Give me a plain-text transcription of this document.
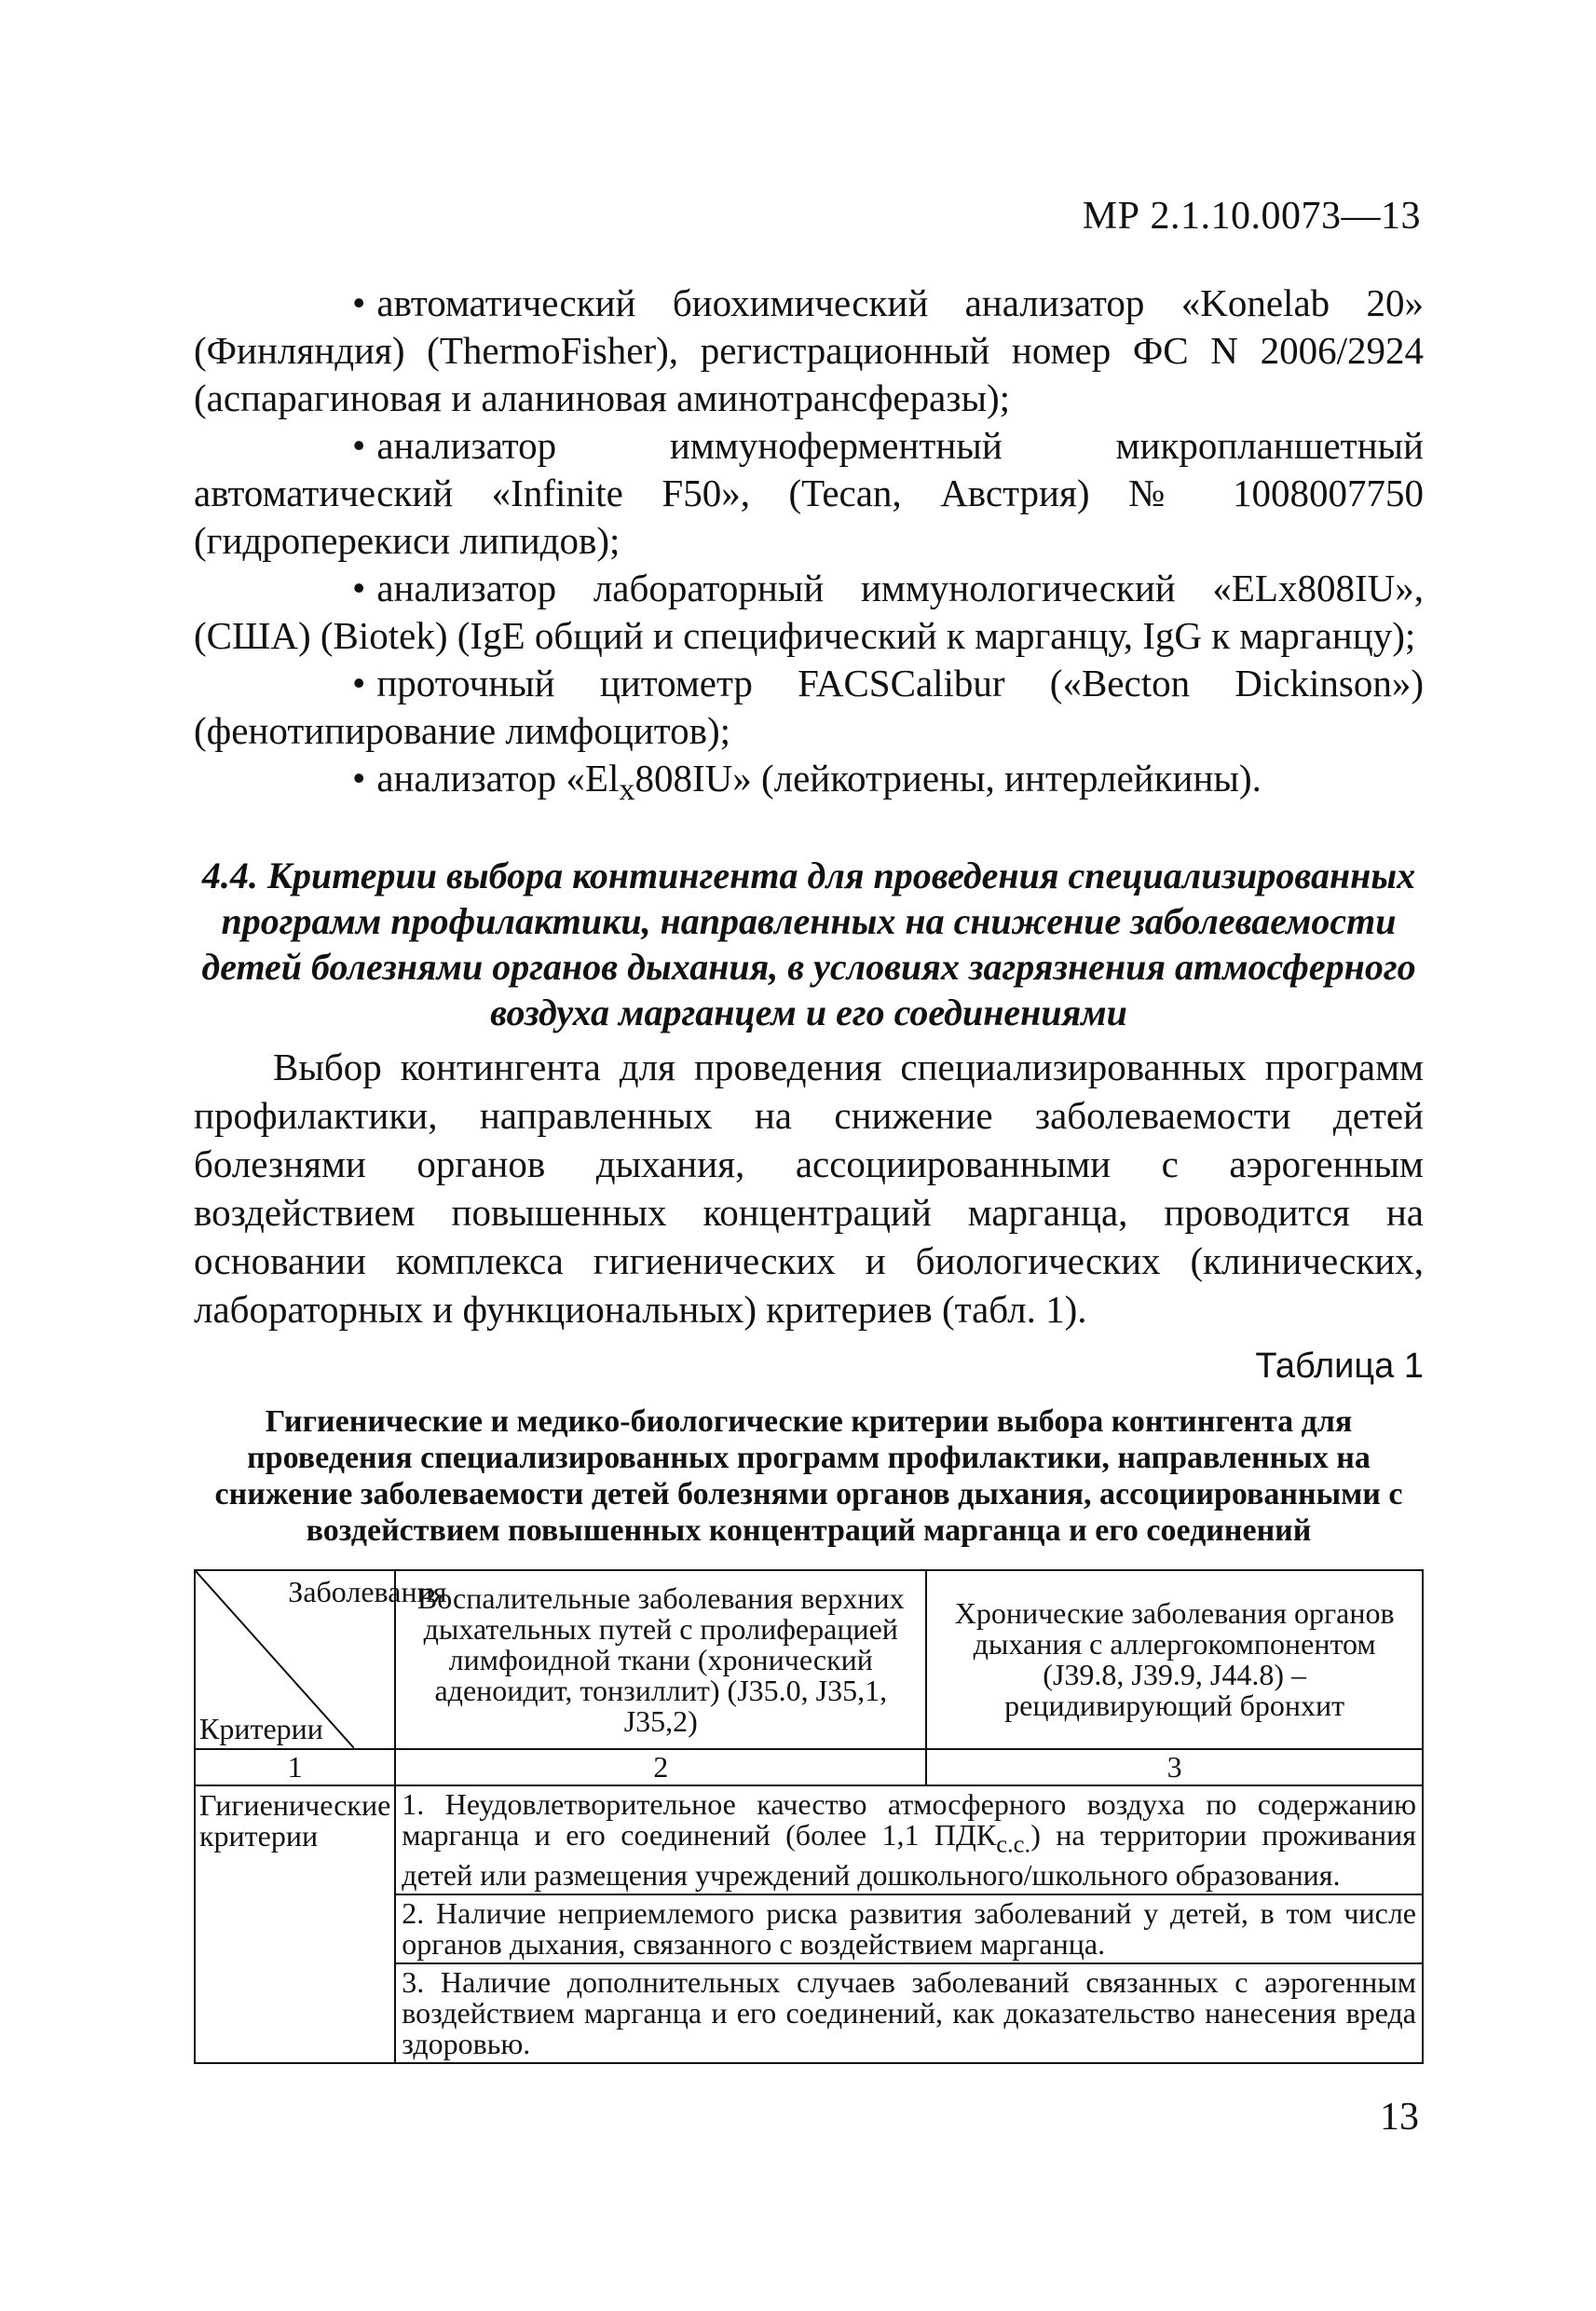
МР 2.1.10.0073—13
• автоматический биохимический анализатор «Konelab 20» (Финляндия) (ThermoFisher), регистрационный номер ФС N 2006/2924 (аспарагиновая и аланиновая аминотрансферазы);
• анализатор иммуноферментный микропланшетный автоматический «Infinite F50», (Tecan, Австрия) № 1008007750 (гидроперекиси липидов);
• анализатор лабораторный иммунологический «ELx808IU», (США) (Biotek) (IgE общий и специфический к марганцу, IgG к марганцу);
• проточный цитометр FACSCalibur («Becton Dickinson») (фенотипирование лимфоцитов);
• анализатор «$El_x808IU$» (лейкотриены, интерлейкины).
4.4. Критерии выбора контингента для проведения специализированных программ профилактики, направленных на снижение заболеваемости детей болезнями органов дыхания, в условиях загрязнения атмосферного воздуха марганцем и его соединениями

Выбор контингента для проведения специализированных программ профилактики, направленных на снижение заболеваемости детей болезнями органов дыхания, ассоциированными с аэрогенным воздействием повышенных концентраций марганца, проводится на основании комплекса гигиенических и биологических (клинических, лабораторных и функциональных) критериев (табл. 1).

Таблица 1
Гигиенические и медико-биологические критерии выбора контингента для проведения специализированных программ профилактики, направленных на снижение заболеваемости детей болезнями органов дыхания, ассоциированными с воздействием повышенных концентраций марганца и его соединений
Заболевания
Критерии	Воспалительные заболевания верхних дыхательных путей с пролиферацией лимфоидной ткани (хронический аденоидит, тонзиллит) (J35.0, J35,1, J35,2)	Хронические заболевания органов дыхания с аллергокомпонентом (J39.8, J39.9, J44.8) – рецидивирующий бронхит
1	2	3
Гигиенические критерии	1. Неудовлетворительное качество атмосферного воздуха по содержанию марганца и его соединений (более 1,1 $ПДК_{с.с.}$) на территории проживания детей или размещения учреждений дошкольного/школьного образования.
2. Наличие неприемлемого риска развития заболеваний у детей, в том числе органов дыхания, связанного с воздействием марганца.
3. Наличие дополнительных случаев заболеваний связанных с аэрогенным воздействием марганца и его соединений, как доказательство нанесения вреда здоровью.	
13
